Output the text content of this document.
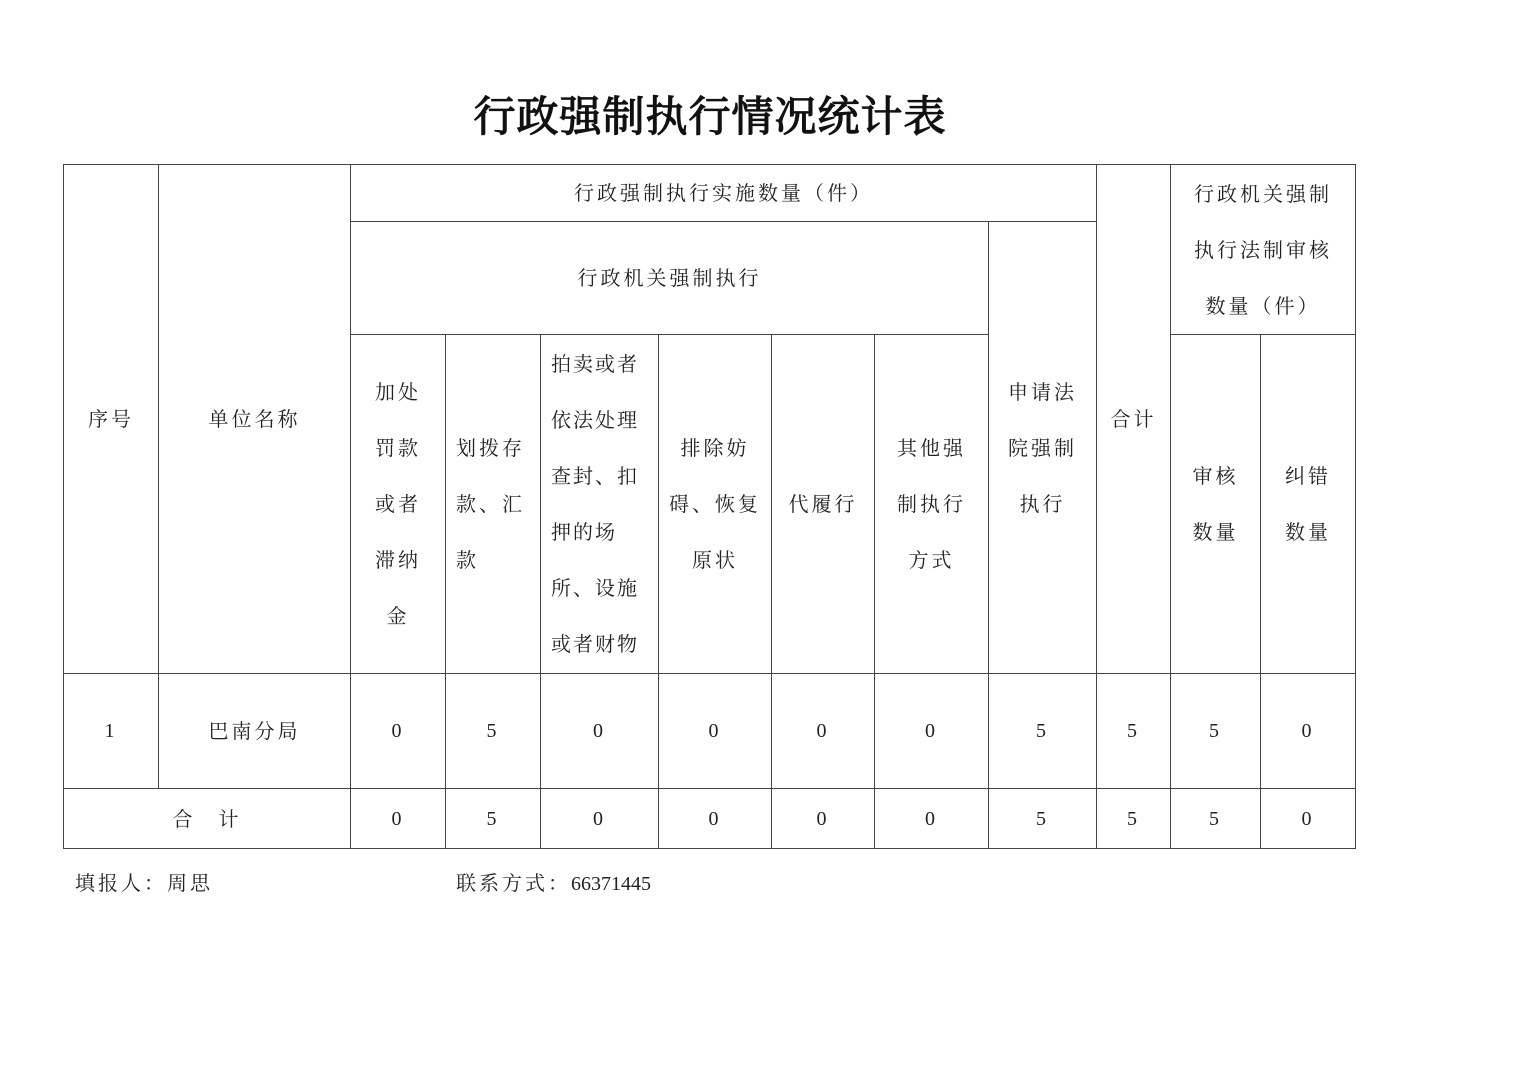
行政强制执行情况统计表
序号	单位名称	行政强制执行实施数量（件）							合计	行政机关强制执行法制审核数量（件）	
		行政机关强制执行						申请法院强制执行			
		加处罚款或者滞纳金	划拨存款、汇款	拍卖或者依法处理查封、扣押的场所、设施或者财物	排除妨碍、恢复原状	代履行	其他强制执行方式			审核数量	纠错数量
1	巴南分局	0	5	0	0	0	0	5	5	5	0
合　计		0	5	0	0	0	0	5	5	5	0
填报人：周思	联系方式：66371445
